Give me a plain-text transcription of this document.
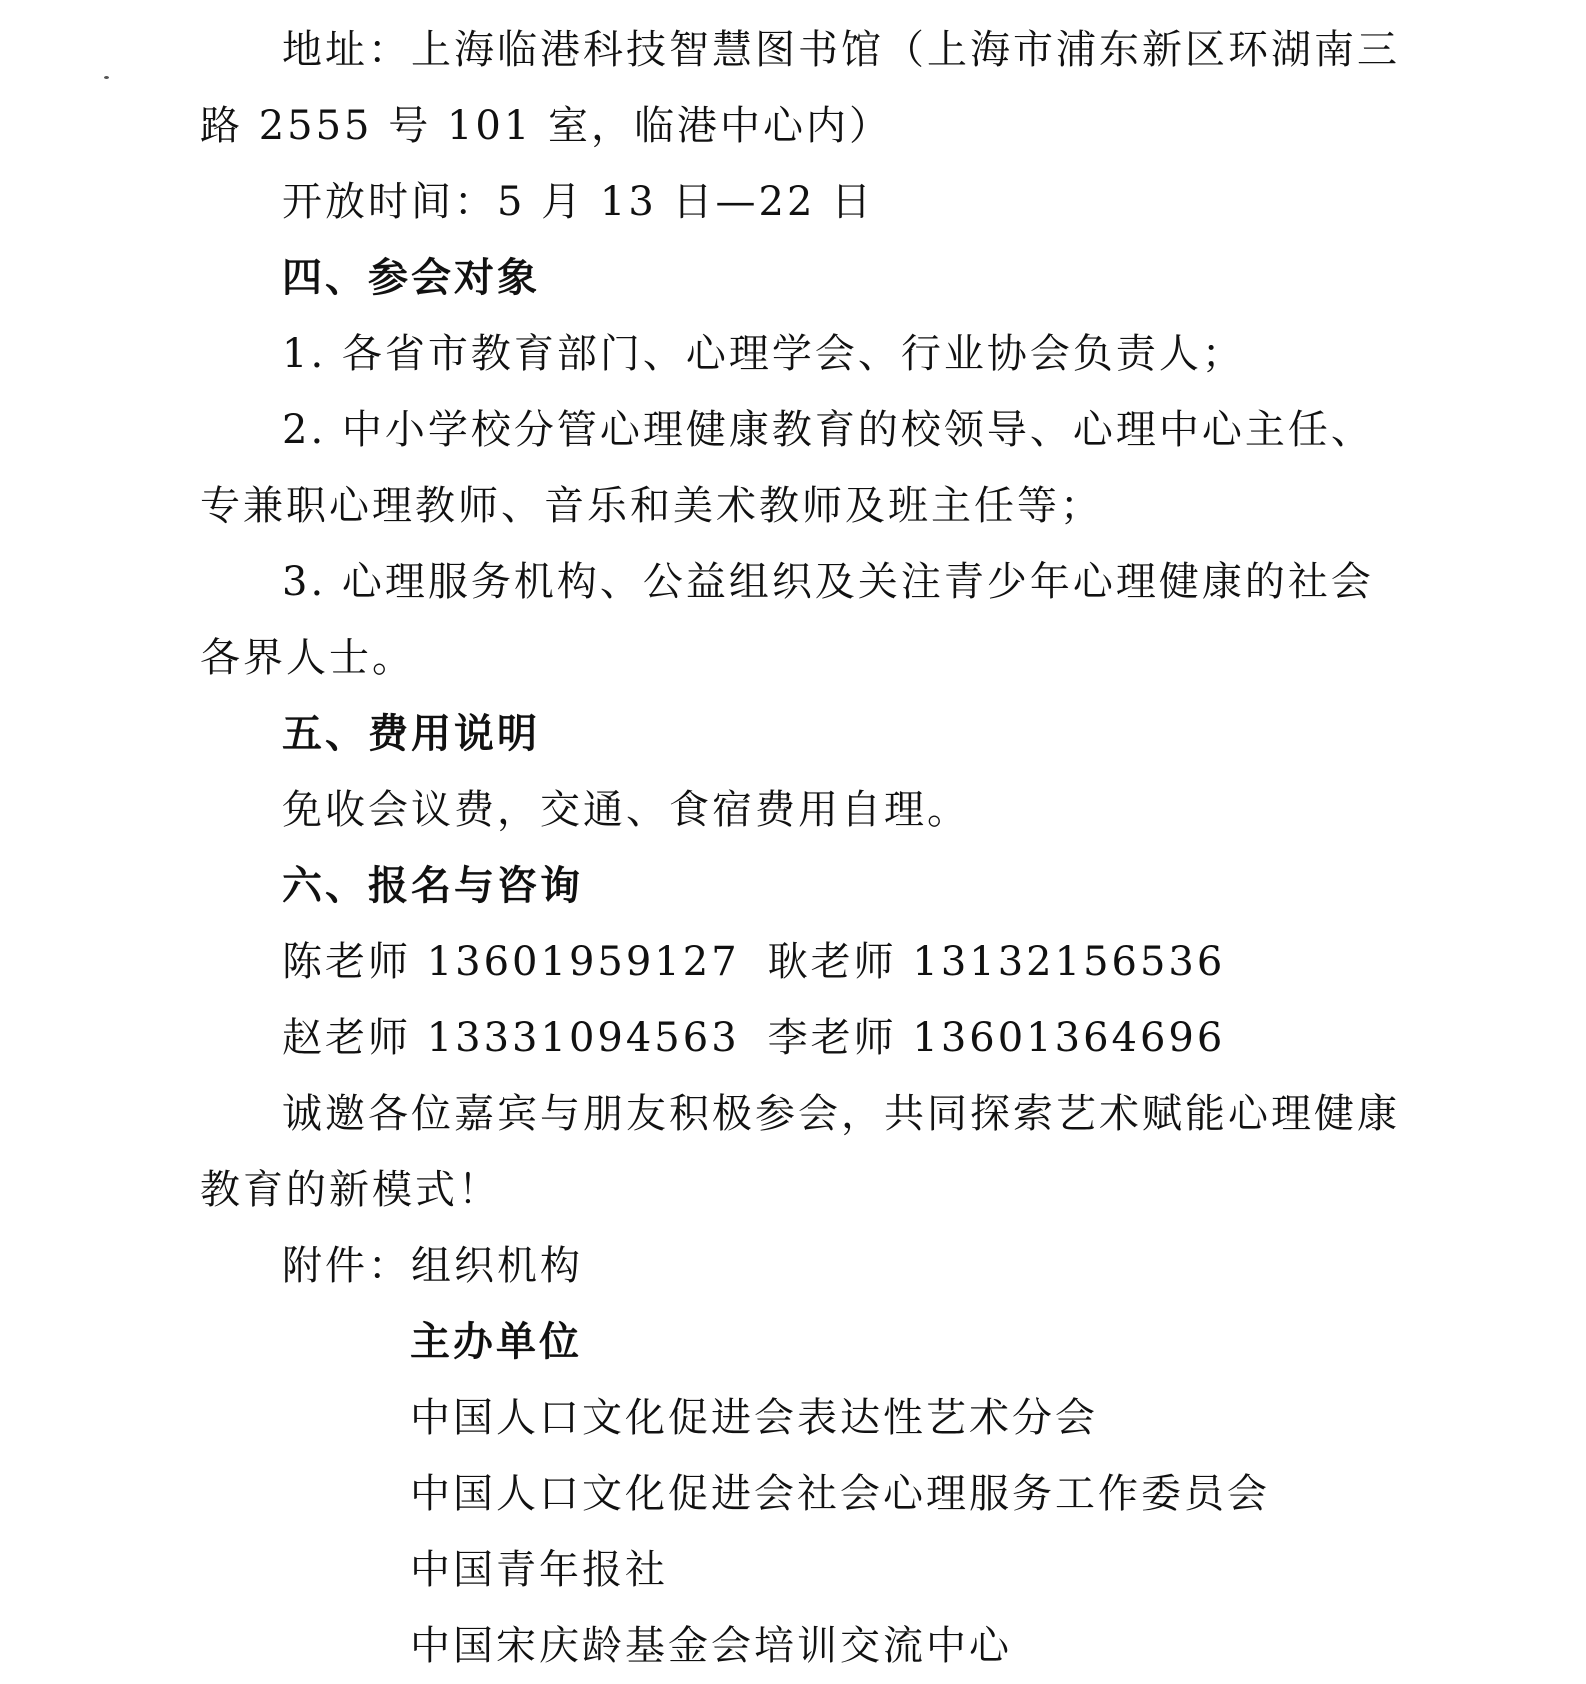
地址：上海临港科技智慧图书馆（上海市浦东新区环湖南三路 2555 号 101 室，临港中心内）

开放时间：5 月 13 日—22 日

四、参会对象

1. 各省市教育部门、心理学会、行业协会负责人；

2. 中小学校分管心理健康教育的校领导、心理中心主任、专兼职心理教师、音乐和美术教师及班主任等；

3. 心理服务机构、公益组织及关注青少年心理健康的社会各界人士。

五、费用说明

免收会议费，交通、食宿费用自理。

六、报名与咨询

陈老师 13601959127 耿老师 13132156536

赵老师 13331094563 李老师 13601364696

诚邀各位嘉宾与朋友积极参会，共同探索艺术赋能心理健康教育的新模式！

附件：组织机构

主办单位

中国人口文化促进会表达性艺术分会

中国人口文化促进会社会心理服务工作委员会

中国青年报社

中国宋庆龄基金会培训交流中心
